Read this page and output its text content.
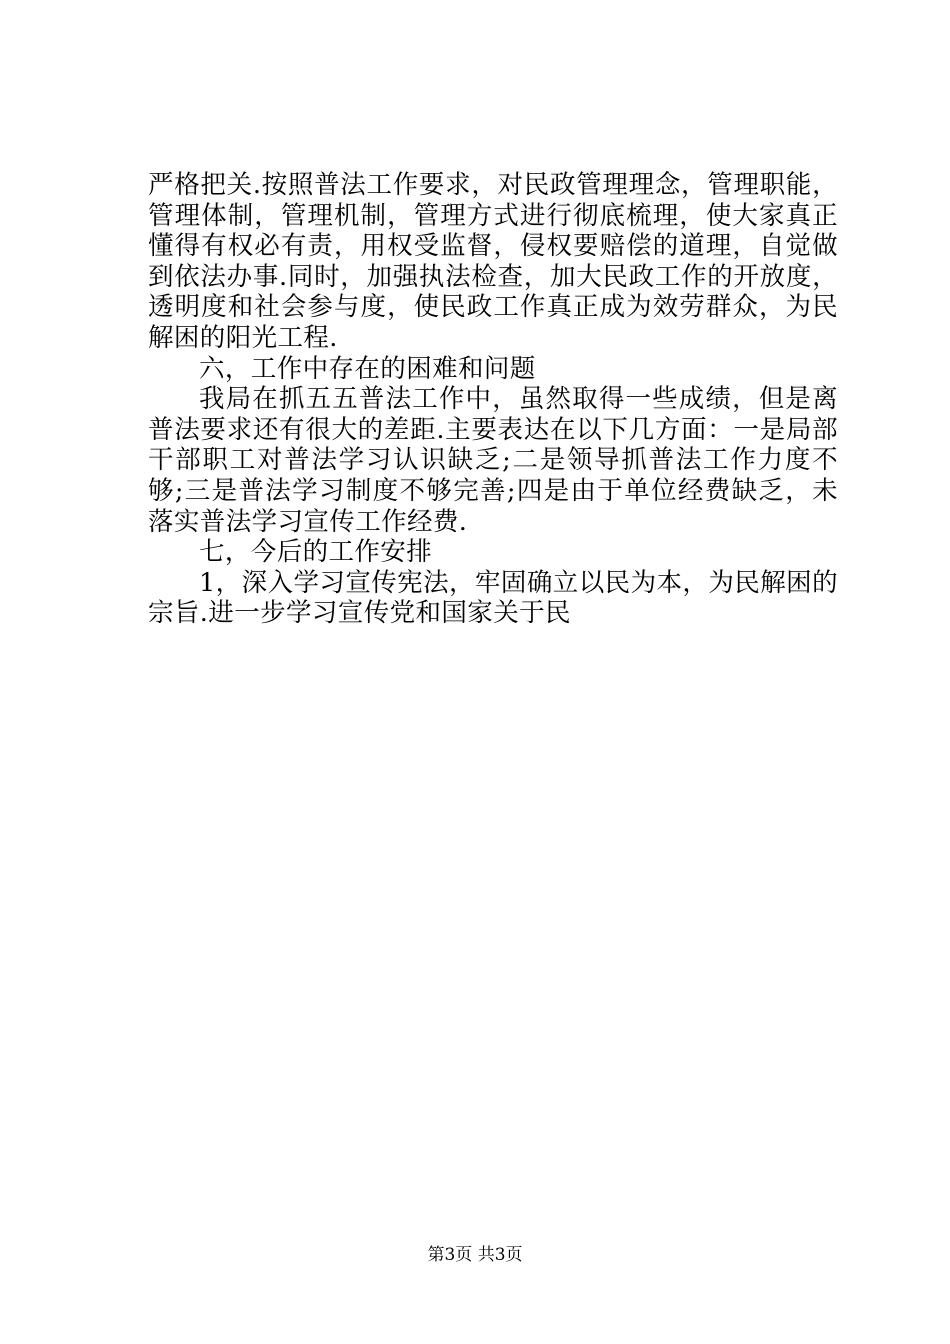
严格把关.按照普法工作要求，对民政管理理念，管理职能，管理体制，管理机制，管理方式进行彻底梳理，使大家真正懂得有权必有责，用权受监督，侵权要赔偿的道理，自觉做到依法办事.同时，加强执法检查，加大民政工作的开放度，透明度和社会参与度，使民政工作真正成为效劳群众，为民解困的阳光工程.

六，工作中存在的困难和问题

我局在抓五五普法工作中，虽然取得一些成绩，但是离普法要求还有很大的差距.主要表达在以下几方面：一是局部干部职工对普法学习认识缺乏;二是领导抓普法工作力度不够;三是普法学习制度不够完善;四是由于单位经费缺乏，未落实普法学习宣传工作经费.

七，今后的工作安排

1，深入学习宣传宪法，牢固确立以民为本，为民解困的宗旨.进一步学习宣传党和国家关于民

第3页 共3页
